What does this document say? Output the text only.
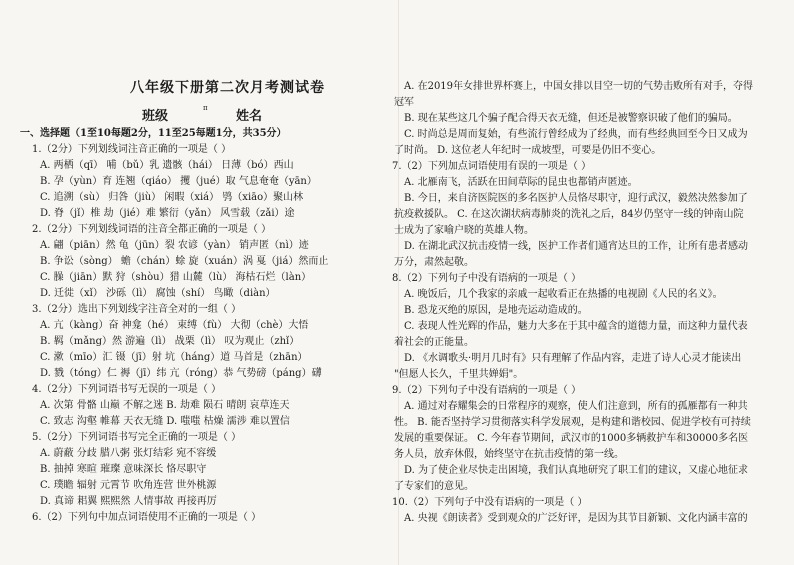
八年级下册第二次月考测试卷
π
班级	姓名
一、选择题（1至10每题2分，11至25每题1分，共35分）
1.（2分）下列划线词注音正确的一项是（ ）
A. 两栖（qī） 哺（bǔ）乳 遗骸（hái） 日薄（bó）西山
B. 孕（yùn）育 连翘（qiáo） 攫（jué）取 气息奄奄（yān）
C. 追溯（sù） 归咎（jiù） 闲暇（xiá） 鸮（xiāo）聚山林
D. 脊（jǐ）椎 劫（jié）难 繁衍（yǎn） 风雪载（zǎi）途
2.（2分）下列划线词语的注音全都正确的一项是（ ）
A. 翩（piān）然 龟（jūn）裂 农谚（yàn） 销声匿（nì）迹
B. 争讼（sòng） 蟾（chán）蜍 旋（xuán）涡 戛（jiá）然而止
C. 臊（jiān）默 狩（shòu）猎 山麓（lù） 海枯石烂（làn）
D. 迁徙（xǐ） 沙砾（lì） 腐蚀（shí） 鸟瞰（diàn）
3.（2分）选出下列划线字注音全对的一组（ ）
A. 亢（kàng）奋 神龛（hé） 束缚（fù） 大彻（chè）大悟
B. 羁（mǎng）然 游遍（lì） 战栗（lì） 叹为观止（zhǐ）
C. 漱（mīo）汇 镊（jī）射 坑（háng）道 马首是（zhān）
D. 戮（tóng）仁 褥（jī）纬 亢（róng）恭 气势磅（páng）礴
4.（2分）下列词语书写无误的一项是（ ）
A. 次第 骨骼 山巅 不解之迷 B. 劫难 陨石 晴朗 哀草连天
C. 致志 沟壑 帷幕 天衣无缝 D. 嗤嗤 枯燥 濡涉 难以置信
5.（2分）下列词语书写完全正确的一项是（ ）
A. 蔚蔽 分歧 腊八粥 张灯结彩 宛不容缓
B. 抽掉 寒暄 璀璨 意味深长 恪尽职守
C. 璞瞻 辐射 元霄节 吹角连营 世外桃源
D. 真谛 耜翼 熙熙然 人情事故 再接再厉
6.（2）下列句中加点词语使用不正确的一项是（ ）
A. 在2019年女排世界杯赛上，中国女排以目空一切的气势击败所有对手，夺得
冠军
B. 现在某些这几个骗子配合得天衣无缝，但还是被警察识破了他们的骗局。
C. 时尚总是周而复始，有些流行曾经成为了经典，而有些经典回至今日又成为
了时尚。 D. 这位老人年纪时一成坡型，可要是仍旧不变心。
7.（2）下列加点词语使用有误的一项是（ ）
A. 北雁南飞，活跃在田间草际的昆虫也都销声匿迹。
B. 今日，来自济医院医的多名医护人员恪尽职守，迎行武汉，毅然决然参加了
抗疫救援队。 C. 在这次湖状病毒肺炎的洗礼之后，84岁仍坚守一线的钟南山院
士成为了家喻户晓的英雄人物。
D. 在湖北武汉抗击疫情一线，医护工作者们通宵达旦的工作，让所有患者感动
万分，肃然起敬。
8.（2）下列句子中没有语病的一项是（ ）
A. 晚饭后，几个我家的亲戚一起收看正在热播的电视剧《人民的名义》。
B. 恐龙灭绝的原因，是地壳运动造成的。
C. 表现人性光辉的作品，魅力大多在于其中蕴含的道德力量，而这种力量代表
着社会的正能量。
D. 《水调歌头·明月几时有》只有理解了作品内容，走进了诗人心灵才能读出
"但愿人长久，千里共婵娟"。
9.（2）下列句子中没有语病的一项是（ ）
A. 通过对春耀集会的日常程序的观察，使人们注意到，所有的孤雁都有一种共
性。 B. 能否坚持学习贯彻落实科学发展观，是构建和谐校园、促进学校有可持续
发展的重要保证。 C. 今年春节期间，武汉市的1000多辆救护车和30000多名医
务人员，放弃休假，始终坚守在抗击疫情的第一线。
D. 为了使企业尽快走出困境，我们认真地研究了职工们的建议，又虚心地征求
了专家们的意见。
10.（2）下列句子中没有语病的一项是（ ）
A. 央视《朗读者》受到观众的广泛好评，是因为其节目新颖、文化内涵丰富的
